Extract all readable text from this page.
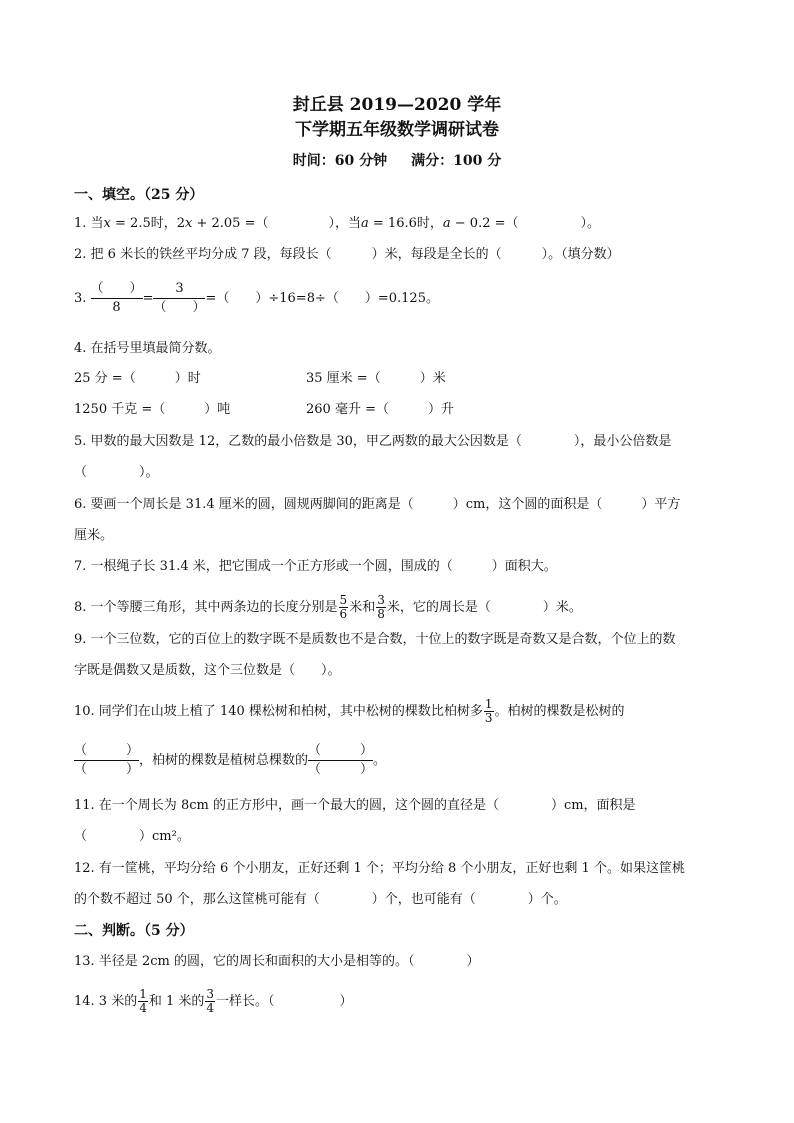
封丘县 2019—2020 学年
下学期五年级数学调研试卷
时间：60 分钟 满分：100 分
一、填空。（25 分）
1. 当x = 2.5时，2x + 2.05 =（	），当a = 16.6时，a − 0.2 =（	）。
2. 把 6 米长的铁丝平均分成 7 段，每段长（	）米，每段是全长的（	）。（填分数）
3.
（　　）
8
=
3
（　　）
=（　　）÷16=8÷（　　）=0.125。
4. 在括号里填最简分数。
25 分 =（　　　）时	35 厘米 =（　　　）米
1250 千克 =（　　　）吨	260 毫升 =（　　　）升
5. 甲数的最大因数是 12，乙数的最小倍数是 30，甲乙两数的最大公因数是（　　　　），最小公倍数是
（　　　　）。
6. 要画一个周长是 31.4 厘米的圆，圆规两脚间的距离是（　　　）cm，这个圆的面积是（　　　）平方
厘米。
7. 一根绳子长 31.4 米，把它围成一个正方形或一个圆，围成的（　　　）面积大。
8. 一个等腰三角形，其中两条边的长度分别是 $\frac{5}{6}$ 米和 $\frac{3}{8}$ 米，它的周长是（　　　　）米。
9. 一个三位数，它的百位上的数字既不是质数也不是合数，十位上的数字既是奇数又是合数，个位上的数
字既是偶数又是质数，这个三位数是（　　）。
10. 同学们在山坡上植了 140 棵松树和柏树，其中松树的棵数比柏树多 $\frac{1}{3}$ 。柏树的棵数是松树的
（　　　）
（　　　）
，柏树的棵数是植树总棵数的
（　　　）
（　　　）
。
11. 在一个周长为 8cm 的正方形中，画一个最大的圆，这个圆的直径是（　　　　）cm，面积是
（　　　　）cm²。
12. 有一筐桃，平均分给 6 个小朋友，正好还剩 1 个；平均分给 8 个小朋友，正好也剩 1 个。如果这筐桃
的个数不超过 50 个，那么这筐桃可能有（　　　　）个，也可能有（　　　　）个。
二、判断。（5 分）
13. 半径是 2cm 的圆，它的周长和面积的大小是相等的。（　　　　）
14. 3 米的 $\frac{1}{4}$ 和 1 米的 $\frac{3}{4}$ 一样长。（　　　　　）
